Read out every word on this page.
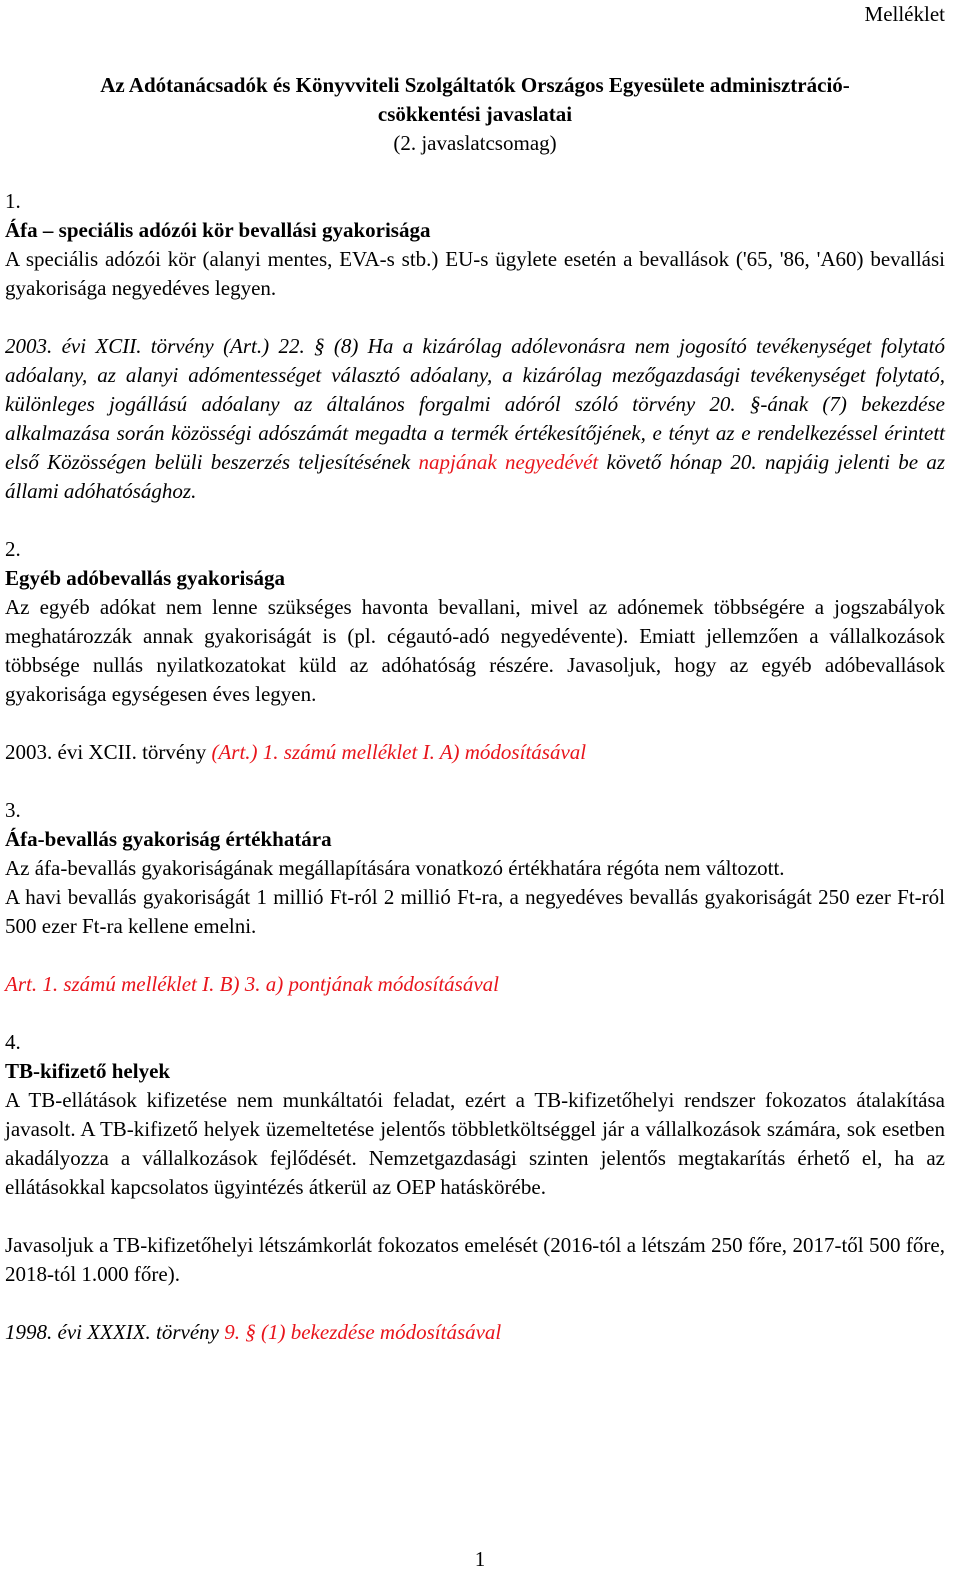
Melléklet
Az Adótanácsadók és Könyvviteli Szolgáltatók Országos Egyesülete adminisztráció-
csökkentési javaslatai
(2. javaslatcsomag)
1.
Áfa – speciális adózói kör bevallási gyakorisága

A speciális adózói kör (alanyi mentes, EVA-s stb.) EU-s ügylete esetén a bevallások ('65, '86, 'A60) bevallási gyakorisága negyedéves legyen.

2003. évi XCII. törvény (Art.) 22. § (8) Ha a kizárólag adólevonásra nem jogosító tevékenységet folytató adóalany, az alanyi adómentességet választó adóalany, a kizárólag mezőgazdasági tevékenységet folytató, különleges jogállású adóalany az általános forgalmi adóról szóló törvény 20. §-ának (7) bekezdése alkalmazása során közösségi adószámát megadta a termék értékesítőjének, e tényt az e rendelkezéssel érintett első Közösségen belüli beszerzés teljesítésének napjának negyedévét követő hónap 20. napjáig jelenti be az állami adóhatósághoz.

2.
Egyéb adóbevallás gyakorisága

Az egyéb adókat nem lenne szükséges havonta bevallani, mivel az adónemek többségére a jogszabályok meghatározzák annak gyakoriságát is (pl. cégautó-adó negyedévente). Emiatt jellemzően a vállalkozások többsége nullás nyilatkozatokat küld az adóhatóság részére. Javasoljuk, hogy az egyéb adóbevallások gyakorisága egységesen éves legyen.

2003. évi XCII. törvény (Art.) 1. számú melléklet I. A) módosításával

3.
Áfa-bevallás gyakoriság értékhatára

Az áfa-bevallás gyakoriságának megállapítására vonatkozó értékhatára régóta nem változott.

A havi bevallás gyakoriságát 1 millió Ft-ról 2 millió Ft-ra, a negyedéves bevallás gyakoriságát 250 ezer Ft-ról 500 ezer Ft-ra kellene emelni.

Art. 1. számú melléklet I. B) 3. a) pontjának módosításával

4.
TB-kifizető helyek

A TB-ellátások kifizetése nem munkáltatói feladat, ezért a TB-kifizetőhelyi rendszer fokozatos átalakítása javasolt. A TB-kifizető helyek üzemeltetése jelentős többletköltséggel jár a vállalkozások számára, sok esetben akadályozza a vállalkozások fejlődését. Nemzetgazdasági szinten jelentős megtakarítás érhető el, ha az ellátásokkal kapcsolatos ügyintézés átkerül az OEP hatáskörébe.

Javasoljuk a TB-kifizetőhelyi létszámkorlát fokozatos emelését (2016-tól a létszám 250 főre, 2017-től 500 főre, 2018-tól 1.000 főre).

1998. évi XXXIX. törvény 9. § (1) bekezdése módosításával

1
